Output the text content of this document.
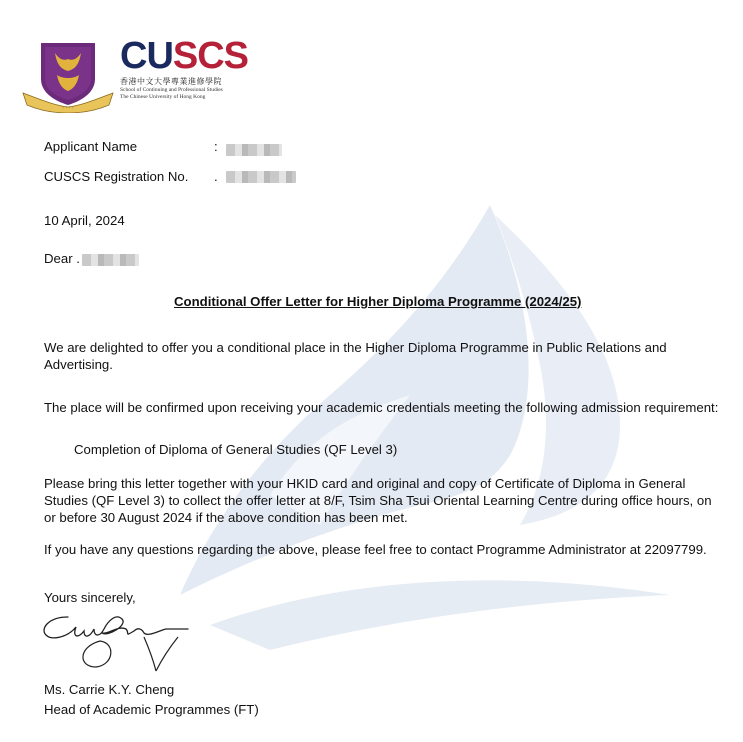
· · · ·
CUSCS
香港中文大學專業進修學院
School of Continuing and Professional Studies
The Chinese University of Hong Kong
Applicant Name	:
CUSCS Registration No. .
10 April, 2024
Dear .
Conditional Offer Letter for Higher Diploma Programme (2024/25)
We are delighted to offer you a conditional place in the Higher Diploma Programme in Public Relations and Advertising.
The place will be confirmed upon receiving your academic credentials meeting the following admission requirement:
Completion of Diploma of General Studies (QF Level 3)
Please bring this letter together with your HKID card and original and copy of Certificate of Diploma in General Studies (QF Level 3) to collect the offer letter at 8/F, Tsim Sha Tsui Oriental Learning Centre during office hours, on or before 30 August 2024 if the above condition has been met.
If you have any questions regarding the above, please feel free to contact Programme Administrator at 22097799.
Yours sincerely,
Ms. Carrie K.Y. Cheng
Head of Academic Programmes (FT)
